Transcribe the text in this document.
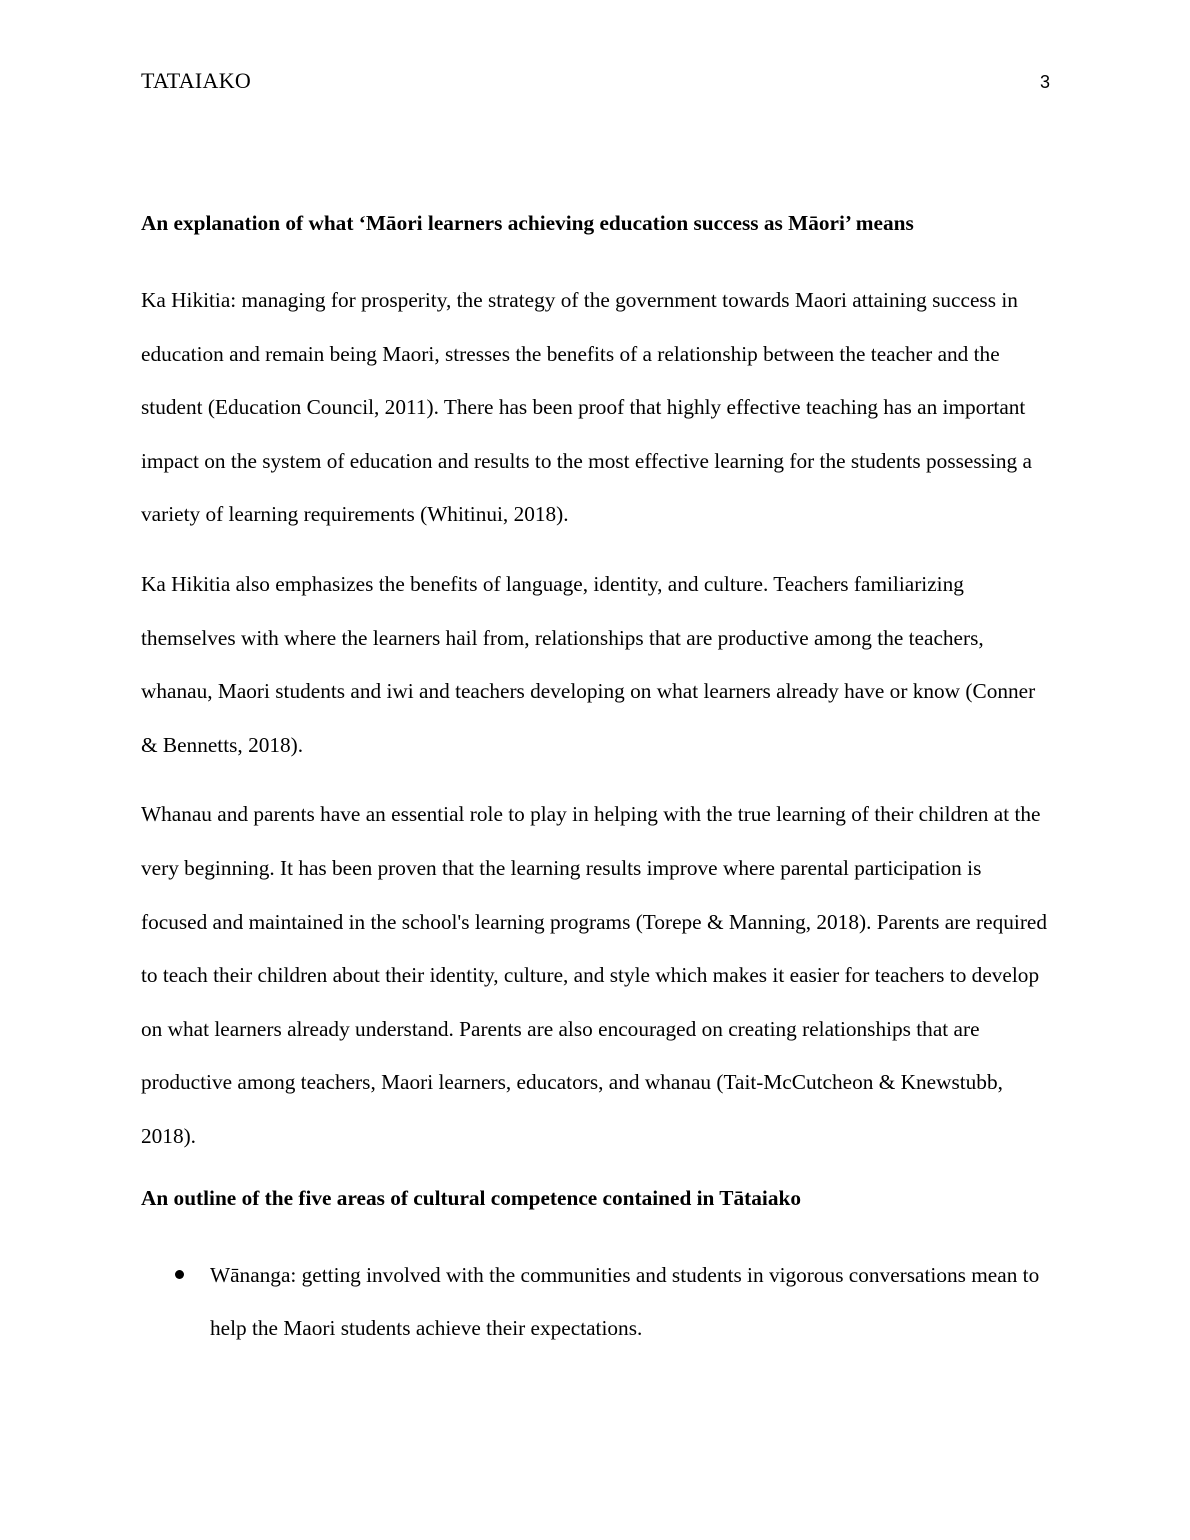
TATAIAKO	3

An explanation of what ‘Māori learners achieving education success as Māori’ means

Ka Hikitia: managing for prosperity, the strategy of the government towards Maori attaining success in education and remain being Maori, stresses the benefits of a relationship between the teacher and the student (Education Council, 2011). There has been proof that highly effective teaching has an important impact on the system of education and results to the most effective learning for the students possessing a variety of learning requirements (Whitinui, 2018).

Ka Hikitia also emphasizes the benefits of language, identity, and culture. Teachers familiarizing themselves with where the learners hail from, relationships that are productive among the teachers, whanau, Maori students and iwi and teachers developing on what learners already have or know (Conner & Bennetts, 2018).

Whanau and parents have an essential role to play in helping with the true learning of their children at the very beginning. It has been proven that the learning results improve where parental participation is focused and maintained in the school's learning programs (Torepe & Manning, 2018). Parents are required to teach their children about their identity, culture, and style which makes it easier for teachers to develop on what learners already understand. Parents are also encouraged on creating relationships that are productive among teachers, Maori learners, educators, and whanau (Tait-McCutcheon & Knewstubb, 2018).

An outline of the five areas of cultural competence contained in Tātaiako

Wānanga: getting involved with the communities and students in vigorous conversations mean to help the Maori students achieve their expectations.
